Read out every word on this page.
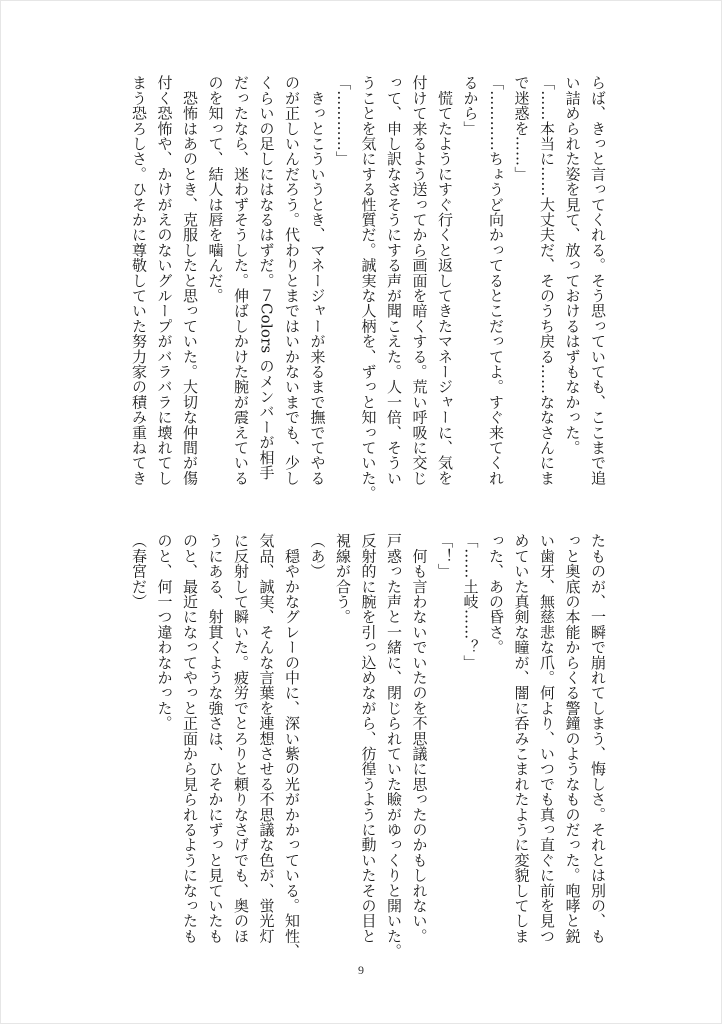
らば、きっと言ってくれる。そう思っていても、ここまで追
い詰められた姿を見て、放っておけるはずもなかった。
「……本当に……大丈夫だ、そのうち戻る……ななさんにま
で迷惑を……」
「…………ちょうど向かってるとこだってよ。すぐ来てくれ
るから」
　慌てたようにすぐ行くと返してきたマネージャーに、気を
付けて来るよう送ってから画面を暗くする。荒い呼吸に交じ
って、申し訳なさそうにする声が聞こえた。人一倍、そうい
うことを気にする性質だ。誠実な人柄を、ずっと知っていた。
「…………」
　きっとこういうとき、マネージャーが来るまで撫でてやる
のが正しいんだろう。代わりとまではいかないまでも、少し
くらいの足しにはなるはずだ。７Colors のメンバーが相手
だったなら、迷わずそうした。伸ばしかけた腕が震えている
のを知って、結人は唇を噛んだ。
　恐怖はあのとき、克服したと思っていた。大切な仲間が傷
付く恐怖や、かけがえのないグループがバラバラに壊れてし
まう恐ろしさ。ひそかに尊敬していた努力家の積み重ねてき
たものが、一瞬で崩れてしまう、悔しさ。それとは別の、も
っと奥底の本能からくる警鐘のようなものだった。咆哮と鋭
い歯牙、無慈悲な爪。何より、いつでも真っ直ぐに前を見つ
めていた真剣な瞳が、闇に呑みこまれたように変貌してしま
った、あの昏さ。
「……土岐……？」
「！」
　何も言わないでいたのを不思議に思ったのかもしれない。
戸惑った声と一緒に、閉じられていた瞼がゆっくりと開いた。
反射的に腕を引っ込めながら、彷徨うように動いたその目と
視線が合う。
（あ）
　穏やかなグレーの中に、深い紫の光がかかっている。知性、
気品、誠実、そんな言葉を連想させる不思議な色が、蛍光灯
に反射して瞬いた。疲労でとろりと頼りなさげでも、奥のほ
うにある、射貫くような強さは、ひそかにずっと見ていたも
のと、最近になってやっと正面から見られるようになったも
のと、何一つ違わなかった。
（春宮だ）
9
